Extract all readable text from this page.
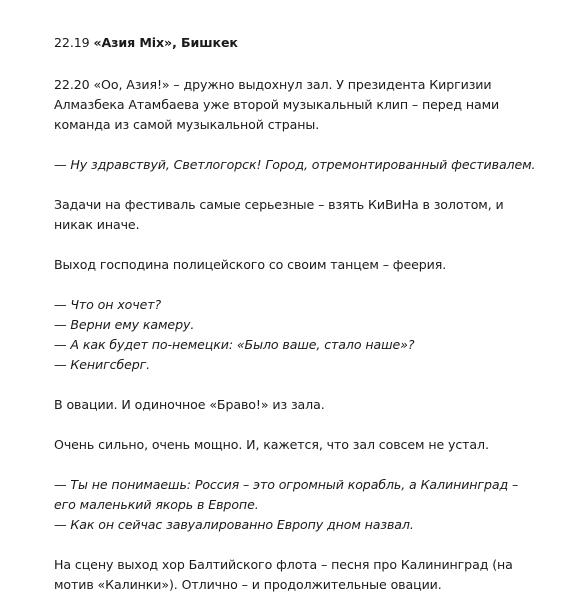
22.19 «Азия Mix», Бишкек

22.20 «Оо, Азия!» – дружно выдохнул зал. У президента Киргизии
Алмазбека Атамбаева уже второй музыкальный клип – перед нами
команда из самой музыкальной страны.

— Ну здравствуй, Светлогорск! Город, отремонтированный фестивалем.

Задачи на фестиваль самые серьезные – взять КиВиНа в золотом, и
никак иначе.

Выход господина полицейского со своим танцем – феерия.

— Что он хочет?
— Верни ему камеру.
— А как будет по-немецки: «Было ваше, стало наше»?
— Кенигсберг.

В овации. И одиночное «Браво!» из зала.

Очень сильно, очень мощно. И, кажется, что зал совсем не устал.

— Ты не понимаешь: Россия – это огромный корабль, а Калининград –
его маленький якорь в Европе.
— Как он сейчас завуалированно Европу дном назвал.

На сцену выход хор Балтийского флота – песня про Калининград (на
мотив «Калинки»). Отлично – и продолжительные овации.
